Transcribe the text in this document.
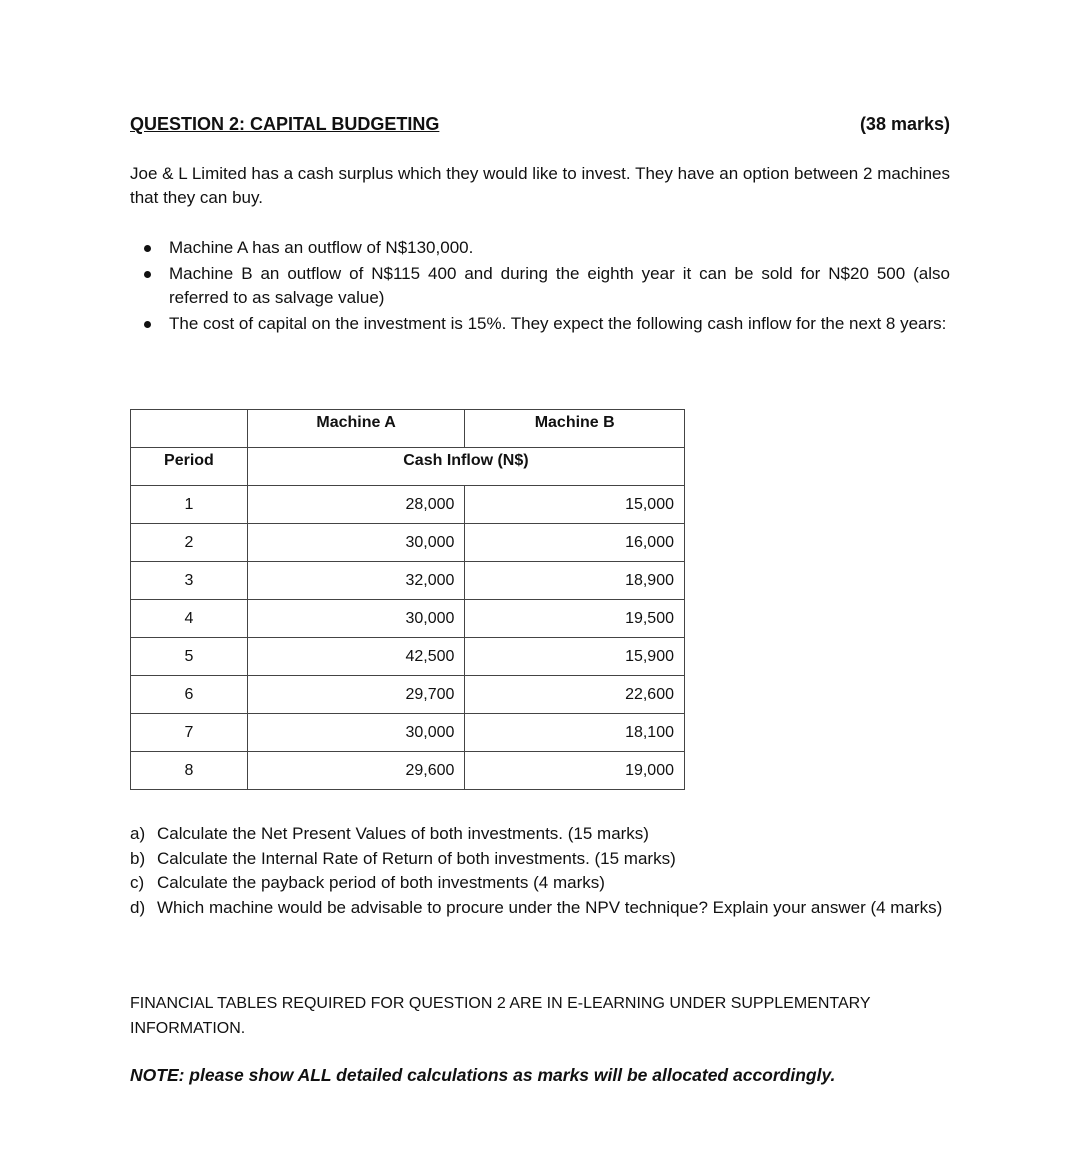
QUESTION 2: CAPITAL BUDGETING	(38 marks)

Joe & L Limited has a cash surplus which they would like to invest. They have an option between 2 machines that they can buy.

Machine A has an outflow of N$130,000.
Machine B an outflow of N$115 400 and during the eighth year it can be sold for N$20 500 (also referred to as salvage value)
The cost of capital on the investment is 15%. They expect the following cash inflow for the next 8 years:
	Machine A	Machine B
Period	Cash Inflow (N$)	
1	28,000	15,000
2	30,000	16,000
3	32,000	18,900
4	30,000	19,500
5	42,500	15,900
6	29,700	22,600
7	30,000	18,100
8	29,600	19,000
a) Calculate the Net Present Values of both investments. (15 marks)
b) Calculate the Internal Rate of Return of both investments. (15 marks)
c) Calculate the payback period of both investments (4 marks)
d) Which machine would be advisable to procure under the NPV technique? Explain your answer (4 marks)
FINANCIAL TABLES REQUIRED FOR QUESTION 2 ARE IN E-LEARNING UNDER SUPPLEMENTARY INFORMATION.
NOTE: please show ALL detailed calculations as marks will be allocated accordingly.
